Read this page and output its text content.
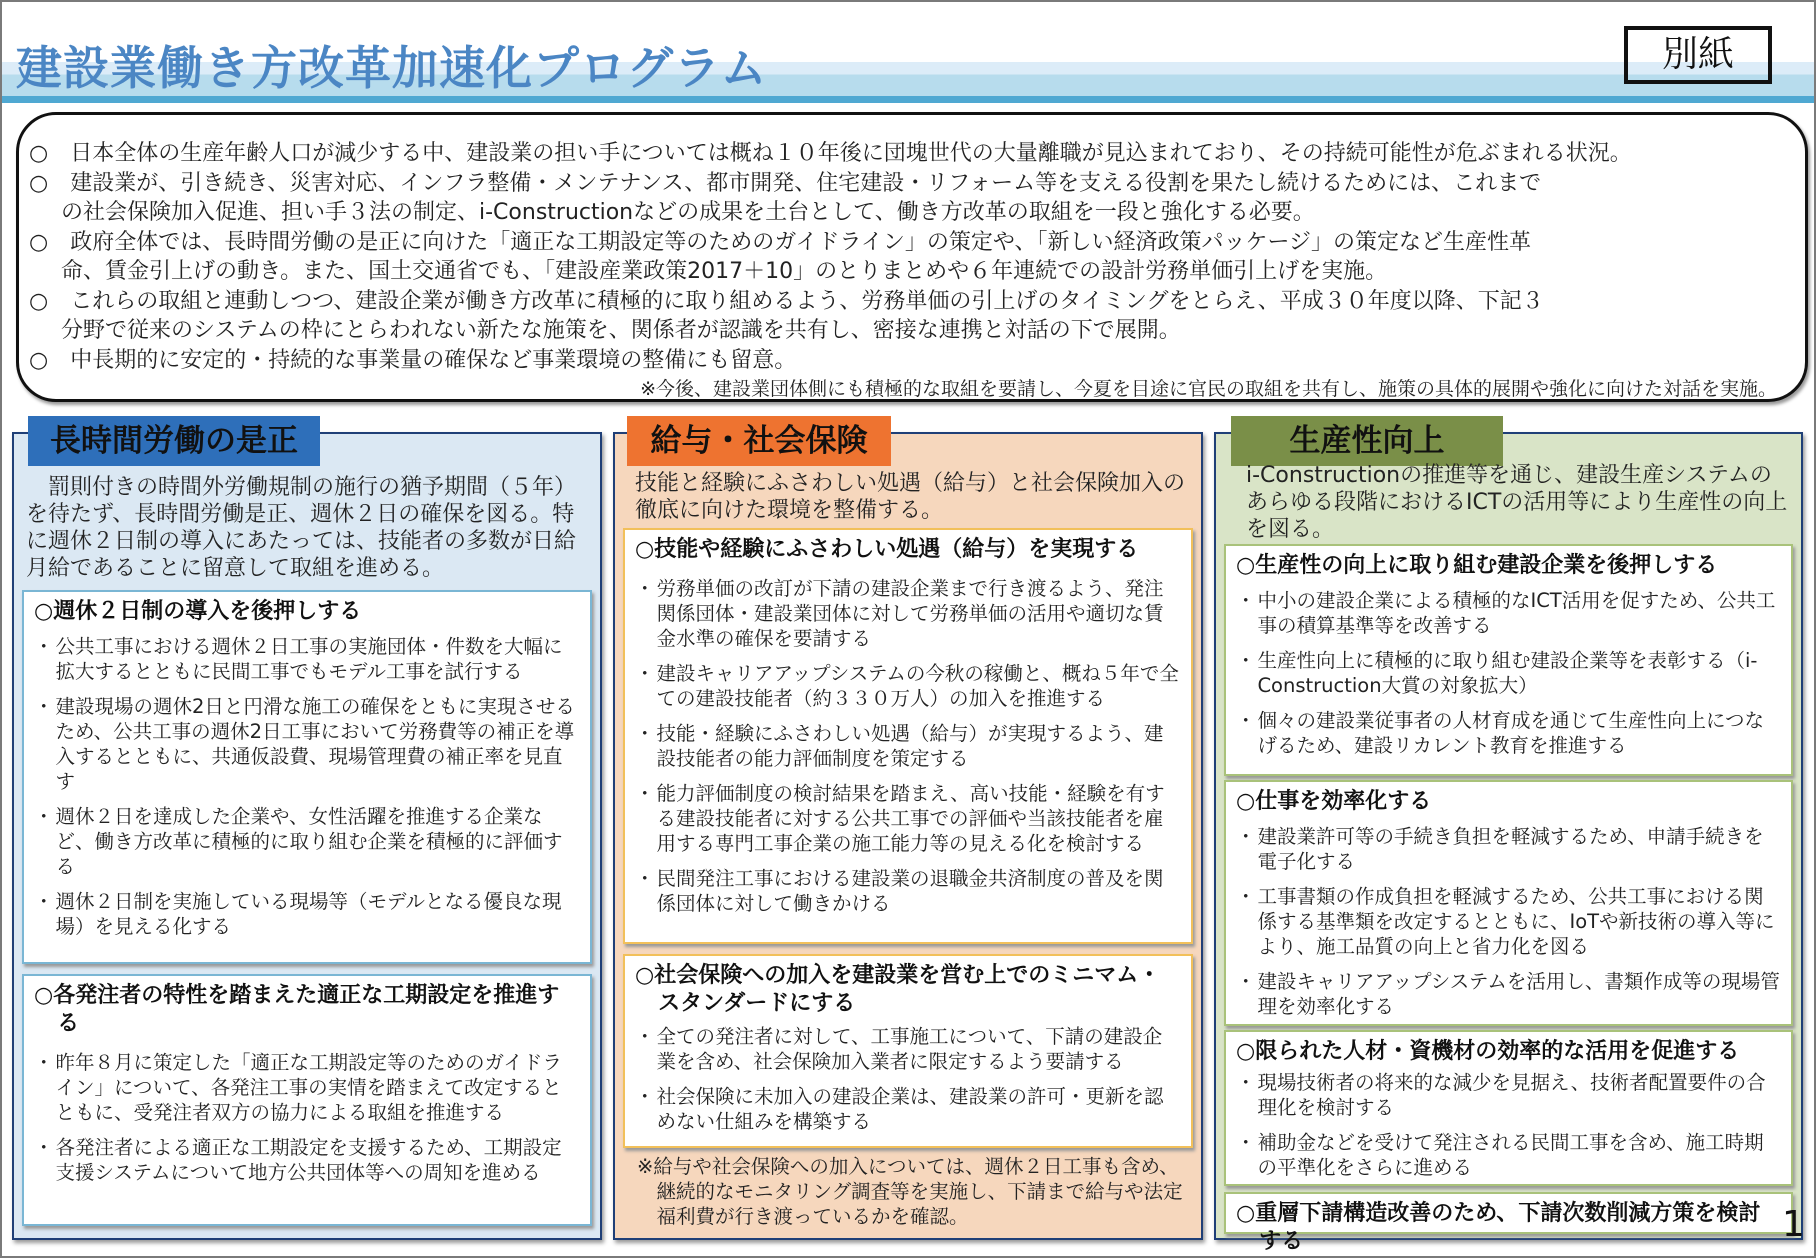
建設業働き方改革加速化プログラム	別紙

○　 日本全体の生産年齢人口が減少する中、建設業の担い手については概ね１０年後に団塊世代の大量離職が見込まれており、その持続可能性が危ぶまれる状況。

○　 建設業が、引き続き、災害対応、インフラ整備・メンテナンス、都市開発、住宅建設・リフォーム等を支える役割を果たし続けるためには、これまで

の社会保険加入促進、担い手３法の制定、i-Constructionなどの成果を土台として、働き方改革の取組を一段と強化する必要。

○　 政府全体では、長時間労働の是正に向けた「適正な工期設定等のためのガイドライン」の策定や、「新しい経済政策パッケージ」の策定など生産性革

命、賃金引上げの動き。また、国土交通省でも、「建設産業政策2017＋10」のとりまとめや６年連続での設計労務単価引上げを実施。

○　 これらの取組と連動しつつ、建設企業が働き方改革に積極的に取り組めるよう、労務単価の引上げのタイミングをとらえ、平成３０年度以降、下記３

分野で従来のシステムの枠にとらわれない新たな施策を、関係者が認識を共有し、密接な連携と対話の下で展開。

○　 中長期的に安定的・持続的な事業量の確保など事業環境の整備にも留意。

※今後、建設業団体側にも積極的な取組を要請し、今夏を目途に官民の取組を共有し、施策の具体的展開や強化に向けた対話を実施。

長時間労働の是正
罰則付きの時間外労働規制の施行の猶予期間（５年）を待たず、長時間労働是正、週休２日の確保を図る。特に週休２日制の導入にあたっては、技能者の多数が日給月給であることに留意して取組を進める。
○週休２日制の導入を後押しする
・ 公共工事における週休２日工事の実施団体・件数を大幅に拡大するとともに民間工事でもモデル工事を試行する
・ 建設現場の週休2日と円滑な施工の確保をともに実現させるため、公共工事の週休2日工事において労務費等の補正を導入するとともに、共通仮設費、現場管理費の補正率を見直す
・ 週休２日を達成した企業や、女性活躍を推進する企業など、働き方改革に積極的に取り組む企業を積極的に評価する
・ 週休２日制を実施している現場等（モデルとなる優良な現場）を見える化する
○各発注者の特性を踏まえた適正な工期設定を推進する
・ 昨年８月に策定した「適正な工期設定等のためのガイドライン」について、各発注工事の実情を踏まえて改定するとともに、受発注者双方の協力による取組を推進する
・ 各発注者による適正な工期設定を支援するため、工期設定支援システムについて地方公共団体等への周知を進める
給与・社会保険
技能と経験にふさわしい処遇（給与）と社会保険加入の徹底に向けた環境を整備する。
○技能や経験にふさわしい処遇（給与）を実現する
・ 労務単価の改訂が下請の建設企業まで行き渡るよう、発注関係団体・建設業団体に対して労務単価の活用や適切な賃金水準の確保を要請する
・ 建設キャリアアップシステムの今秋の稼働と、概ね５年で全ての建設技能者（約３３０万人）の加入を推進する
・ 技能・経験にふさわしい処遇（給与）が実現するよう、建設技能者の能力評価制度を策定する
・ 能力評価制度の検討結果を踏まえ、高い技能・経験を有する建設技能者に対する公共工事での評価や当該技能者を雇用する専門工事企業の施工能力等の見える化を検討する
・ 民間発注工事における建設業の退職金共済制度の普及を関係団体に対して働きかける
○社会保険への加入を建設業を営む上でのミニマム・スタンダードにする
・ 全ての発注者に対して、工事施工について、下請の建設企業を含め、社会保険加入業者に限定するよう要請する
・ 社会保険に未加入の建設企業は、建設業の許可・更新を認めない仕組みを構築する
※給与や社会保険への加入については、週休２日工事も含め、継続的なモニタリング調査等を実施し、下請まで給与や法定福利費が行き渡っているかを確認。
生産性向上
i-Constructionの推進等を通じ、建設生産システムのあらゆる段階におけるICTの活用等により生産性の向上を図る。
○生産性の向上に取り組む建設企業を後押しする
・ 中小の建設企業による積極的なICT活用を促すため、公共工事の積算基準等を改善する
・ 生産性向上に積極的に取り組む建設企業等を表彰する（i-Construction大賞の対象拡大）
・ 個々の建設業従事者の人材育成を通じて生産性向上につなげるため、建設リカレント教育を推進する
○仕事を効率化する
・ 建設業許可等の手続き負担を軽減するため、申請手続きを電子化する
・ 工事書類の作成負担を軽減するため、公共工事における関係する基準類を改定するとともに、IoTや新技術の導入等により、施工品質の向上と省力化を図る
・ 建設キャリアアップシステムを活用し、書類作成等の現場管理を効率化する
○限られた人材・資機材の効率的な活用を促進する
・ 現場技術者の将来的な減少を見据え、技術者配置要件の合理化を検討する
・ 補助金などを受けて発注される民間工事を含め、施工時期の平準化をさらに進める
○重層下請構造改善のため、下請次数削減方策を検討する	1
